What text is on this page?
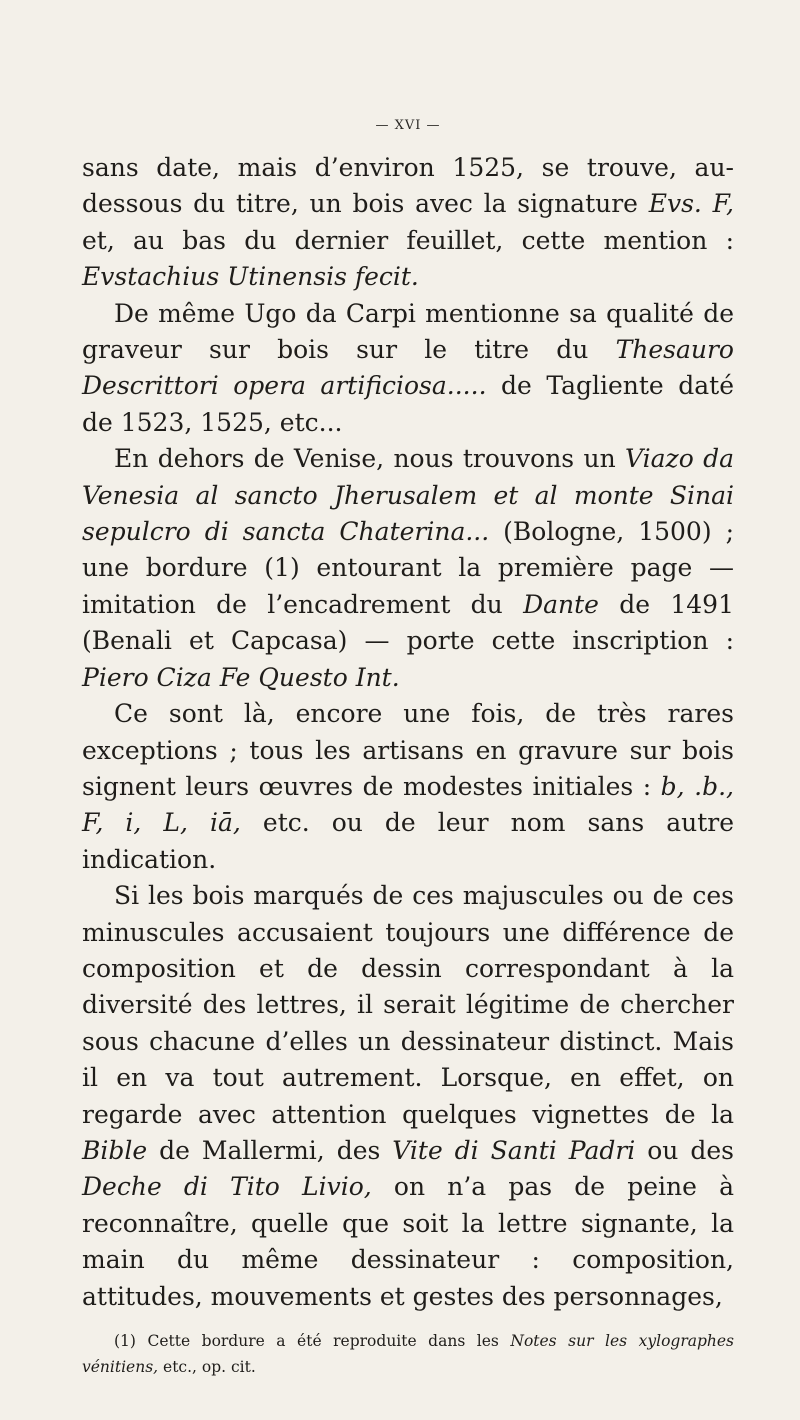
— XVI —

sans date, mais d’environ 1525, se trouve, au-dessous du titre, un bois avec la signature Evs. F, et, au bas du dernier feuillet, cette mention : Evstachius Utinensis fecit.

De même Ugo da Carpi mentionne sa qualité de graveur sur bois sur le titre du Thesauro Descrittori opera artificiosa..... de Tagliente daté de 1523, 1525, etc...

En dehors de Venise, nous trouvons un Viazo da Venesia al sancto Jherusalem et al monte Sinai sepulcro di sancta Chaterina... (Bologne, 1500) ; une bordure (1) entourant la première page — imitation de l’encadrement du Dante de 1491 (Benali et Capcasa) — porte cette inscription : Piero Ciza Fe Questo Int.

Ce sont là, encore une fois, de très rares exceptions ; tous les artisans en gravure sur bois signent leurs œuvres de modestes initiales : b, .b., F, i, L, iā, etc. ou de leur nom sans autre indication.

Si les bois marqués de ces majuscules ou de ces minuscules accusaient toujours une différence de composition et de dessin correspondant à la diversité des lettres, il serait légitime de chercher sous chacune d’elles un dessinateur distinct. Mais il en va tout autrement. Lorsque, en effet, on regarde avec attention quelques vignettes de la Bible de Mallermi, des Vite di Santi Padri ou des Deche di Tito Livio, on n’a pas de peine à reconnaître, quelle que soit la lettre signante, la main du même dessinateur : composition, attitudes, mouvements et gestes des personnages,

(1) Cette bordure a été reproduite dans les Notes sur les xylographes vénitiens, etc., op. cit.
